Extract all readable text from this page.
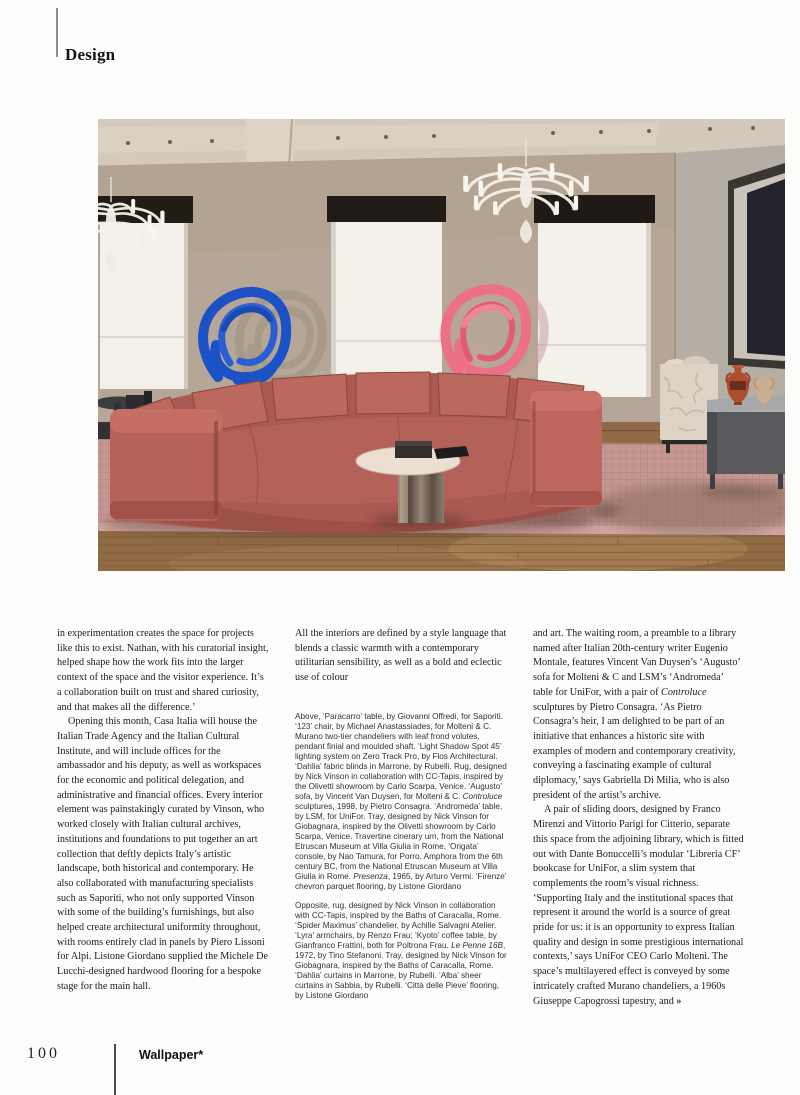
Design

in experimentation creates the space for projects like this to exist. Nathan, with his curatorial insight, helped shape how the work fits into the larger context of the space and the visitor experience. It’s a collaboration built on trust and shared curiosity, and that makes all the difference.’

Opening this month, Casa Italia will house the Italian Trade Agency and the Italian Cultural Institute, and will include offices for the ambassador and his deputy, as well as workspaces for the economic and political delegation, and administrative and financial offices. Every interior element was painstakingly curated by Vinson, who worked closely with Italian cultural archives, institutions and foundations to put together an art collection that deftly depicts Italy’s artistic landscape, both historical and contemporary. He also collaborated with manufacturing specialists such as Saporiti, who not only supported Vinson with some of the building’s furnishings, but also helped create architectural uniformity throughout, with rooms entirely clad in panels by Piero Lissoni for Alpi. Listone Giordano supplied the Michele De Lucchi-designed hardwood flooring for a bespoke stage for the main hall.

All the interiors are defined by a style language that blends a classic warmth with a contemporary utilitarian sensibility, as well as a bold and eclectic use of colour

Above, ‘Paracarro’ table, by Giovanni Offredi, for Saporiti. ‘123’ chair, by Michael Anastassiades, for Molteni & C. Murano two-tier chandeliers with leaf frond volutes, pendant finial and moulded shaft. ‘Light Shadow Spot 45’ lighting system on Zero Track Pro, by Flos Architectural. ‘Dahlia’ fabric blinds in Marrone, by Rubelli. Rug, designed by Nick Vinson in collaboration with CC-Tapis, inspired by the Olivetti showroom by Carlo Scarpa, Venice. ‘Augusto’ sofa, by Vincent Van Duysen, for Molteni & C. Controluce sculptures, 1998, by Pietro Consagra. ‘Andromeda’ table, by LSM, for UniFor. Tray, designed by Nick Vinson for Giobagnara, inspired by the Olivetti showroom by Carlo Scarpa, Venice. Travertine cinerary urn, from the National Etruscan Museum at Villa Giulia in Rome. ‘Origata’ console, by Nao Tamura, for Porro. Amphora from the 6th century BC, from the National Etruscan Museum at Villa Giulia in Rome. Presenza, 1965, by Arturo Vermi. ‘Firenze’ chevron parquet flooring, by Listone Giordano

Opposite, rug, designed by Nick Vinson in collaboration with CC-Tapis, inspired by the Baths of Caracalla, Rome. ‘Spider Maximus’ chandelier, by Achille Salvagni Atelier. ‘Lyra’ armchairs, by Renzo Frau; ‘Kyoto’ coffee table, by Gianfranco Frattini, both for Poltrona Frau. Le Penne 16B, 1972, by Tino Stefanoni. Tray, designed by Nick Vinson for Giobagnara, inspired by the Baths of Caracalla, Rome. ‘Dahlia’ curtains in Marrone, by Rubelli. ‘Alba’ sheer curtains in Sabbia, by Rubelli. ‘Città delle Pieve’ flooring, by Listone Giordano

and art. The waiting room, a preamble to a library named after Italian 20th-century writer Eugenio Montale, features Vincent Van Duysen’s ‘Augusto’ sofa for Molteni & C and LSM’s ‘Andromeda’ table for UniFor, with a pair of Controluce sculptures by Pietro Consagra. ‘As Pietro Consagra’s heir, I am delighted to be part of an initiative that enhances a historic site with examples of modern and contemporary creativity, conveying a fascinating example of cultural diplomacy,’ says Gabriella Di Milia, who is also president of the artist’s archive.

A pair of sliding doors, designed by Franco Mirenzi and Vittorio Parigi for Citterio, separate this space from the adjoining library, which is fitted out with Dante Bonuccelli’s modular ‘Libreria CF’ bookcase for UniFor, a slim system that complements the room’s visual richness. ‘Supporting Italy and the institutional spaces that represent it around the world is a source of great pride for us: it is an opportunity to express Italian quality and design in some prestigious international contexts,’ says UniFor CEO Carlo Molteni. The space’s multilayered effect is conveyed by some intricately crafted Murano chandeliers, a 1960s Giuseppe Capogrossi tapestry, and »

100	Wallpaper*
